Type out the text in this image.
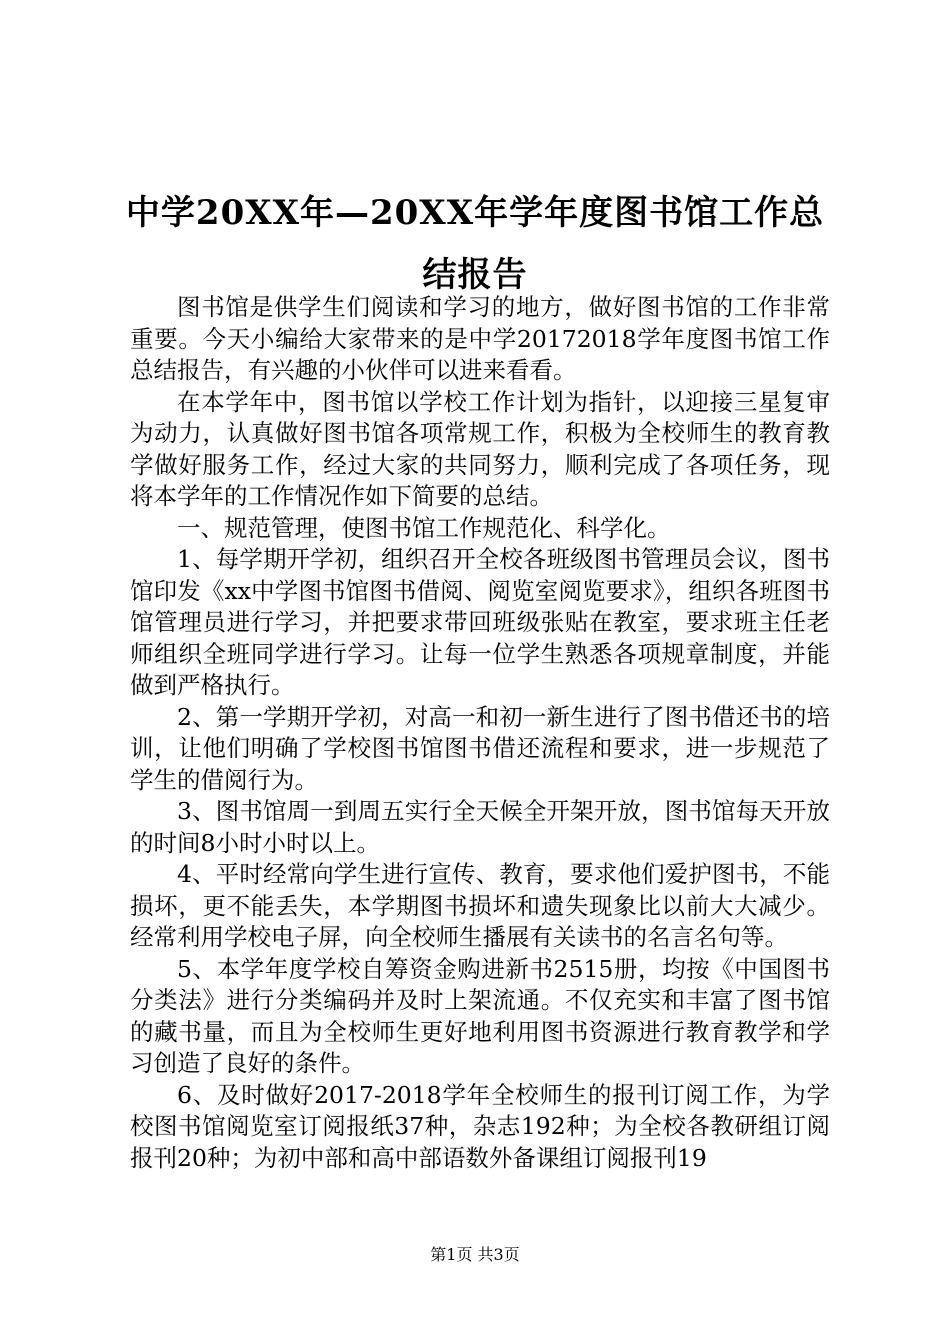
中学20XX年—20XX年学年度图书馆工作总结报告

图书馆是供学生们阅读和学习的地方，做好图书馆的工作非常重要。今天小编给大家带来的是中学20172018学年度图书馆工作总结报告，有兴趣的小伙伴可以进来看看。

在本学年中，图书馆以学校工作计划为指针，以迎接三星复审为动力，认真做好图书馆各项常规工作，积极为全校师生的教育教学做好服务工作，经过大家的共同努力，顺利完成了各项任务，现将本学年的工作情况作如下简要的总结。

一、规范管理，使图书馆工作规范化、科学化。

1、每学期开学初，组织召开全校各班级图书管理员会议，图书馆印发《xx中学图书馆图书借阅、阅览室阅览要求》，组织各班图书馆管理员进行学习，并把要求带回班级张贴在教室，要求班主任老师组织全班同学进行学习。让每一位学生熟悉各项规章制度，并能做到严格执行。

2、第一学期开学初，对高一和初一新生进行了图书借还书的培训，让他们明确了学校图书馆图书借还流程和要求，进一步规范了学生的借阅行为。

3、图书馆周一到周五实行全天候全开架开放，图书馆每天开放的时间8小时小时以上。

4、平时经常向学生进行宣传、教育，要求他们爱护图书，不能损坏，更不能丢失，本学期图书损坏和遗失现象比以前大大减少。经常利用学校电子屏，向全校师生播展有关读书的名言名句等。

5、本学年度学校自筹资金购进新书2515册，均按《中国图书分类法》进行分类编码并及时上架流通。不仅充实和丰富了图书馆的藏书量，而且为全校师生更好地利用图书资源进行教育教学和学习创造了良好的条件。

6、及时做好2017-2018学年全校师生的报刊订阅工作，为学校图书馆阅览室订阅报纸37种，杂志192种；为全校各教研组订阅报刊20种；为初中部和高中部语数外备课组订阅报刊19

第1页 共3页
